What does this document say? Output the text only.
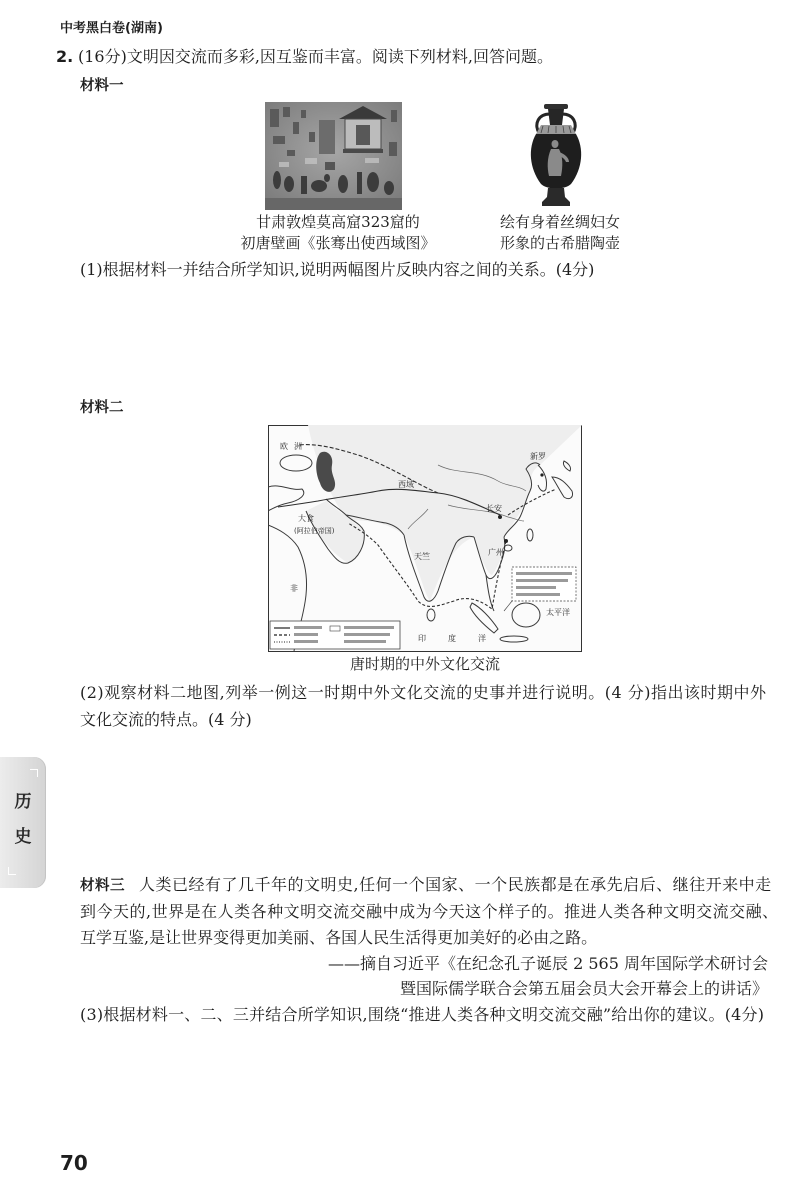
中考黑白卷(湖南)
2. (16分)文明因交流而多彩,因互鉴而丰富。阅读下列材料,回答问题。
材料一
甘肃敦煌莫高窟323窟的
初唐壁画《张骞出使西域图》
绘有身着丝绸妇女
形象的古希腊陶壶
(1)根据材料一并结合所学知识,说明两幅图片反映内容之间的关系。(4分)
材料二
欧 洲
大食
(阿拉伯帝国)
非
西域
长安
广州
新罗
天竺
印度洋
太平洋
唐时期的中外文化交流
(2)观察材料二地图,列举一例这一时期中外文化交流的史事并进行说明。(4 分)指出该时期中外
文化交流的特点。(4 分)
历
史
材料三 人类已经有了几千年的文明史,任何一个国家、一个民族都是在承先启后、继往开来中走
到今天的,世界是在人类各种文明交流交融中成为今天这个样子的。推进人类各种文明交流交融、
互学互鉴,是让世界变得更加美丽、各国人民生活得更加美好的必由之路。
——摘自习近平《在纪念孔子诞辰 2 565 周年国际学术研讨会
暨国际儒学联合会第五届会员大会开幕会上的讲话》
(3)根据材料一、二、三并结合所学知识,围绕“推进人类各种文明交流交融”给出你的建议。(4分)
70
